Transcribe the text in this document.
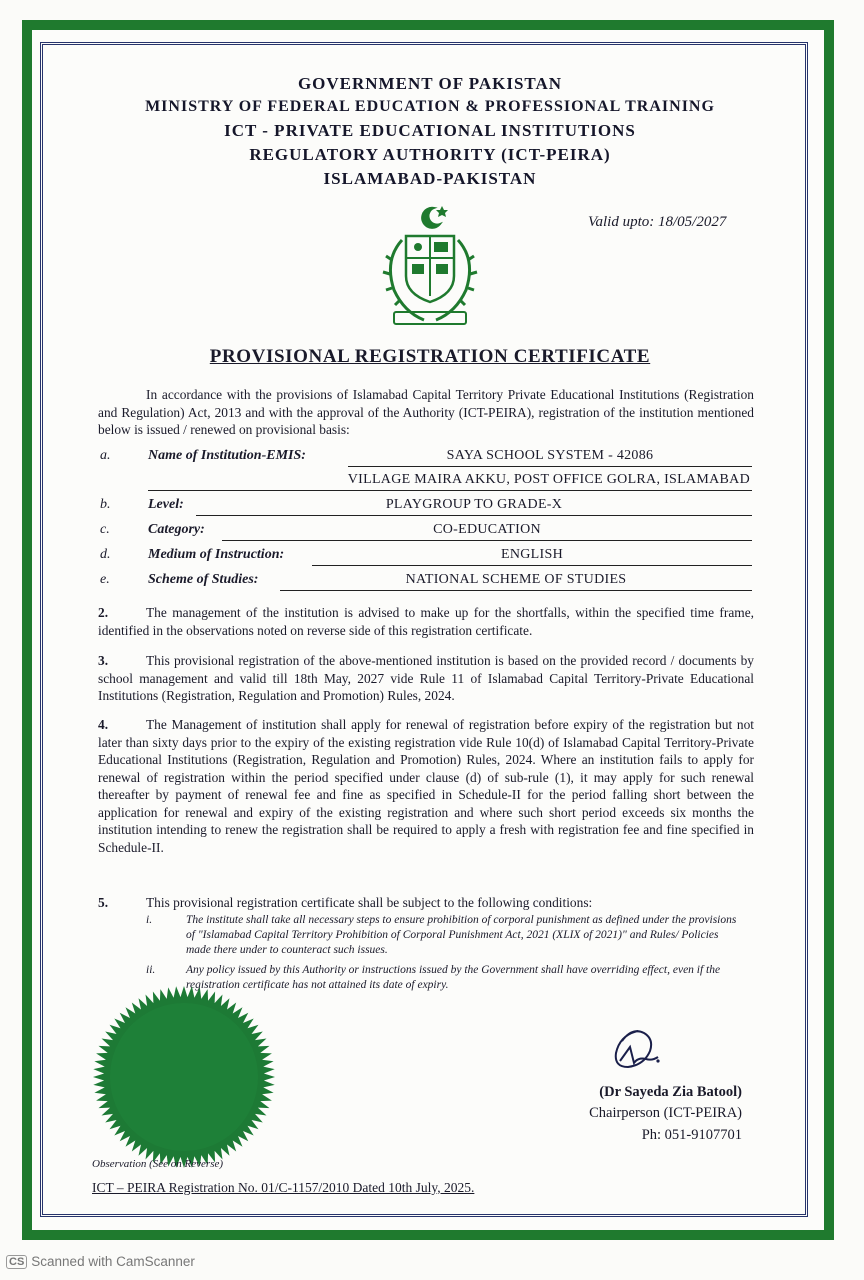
GOVERNMENT OF PAKISTAN
MINISTRY OF FEDERAL EDUCATION & PROFESSIONAL TRAINING
ICT - PRIVATE EDUCATIONAL INSTITUTIONS
REGULATORY AUTHORITY (ICT-PEIRA)
ISLAMABAD-PAKISTAN
Valid upto: 18/05/2027
PROVISIONAL REGISTRATION CERTIFICATE
In accordance with the provisions of Islamabad Capital Territory Private Educational Institutions (Registration and Regulation) Act, 2013 and with the approval of the Authority (ICT-PEIRA), registration of the institution mentioned below is issued / renewed on provisional basis:
a.	Name of Institution-EMIS:	SAYA SCHOOL SYSTEM - 42086
VILLAGE MAIRA AKKU, POST OFFICE GOLRA, ISLAMABAD
b.	Level:	PLAYGROUP TO GRADE-X
c.	Category:	CO-EDUCATION
d.	Medium of Instruction:	ENGLISH
e.	Scheme of Studies:	NATIONAL SCHEME OF STUDIES
2.	The management of the institution is advised to make up for the shortfalls, within the specified time frame, identified in the observations noted on reverse side of this registration certificate.
3.	This provisional registration of the above-mentioned institution is based on the provided record / documents by school management and valid till 18th May, 2027 vide Rule 11 of Islamabad Capital Territory-Private Educational Institutions (Registration, Regulation and Promotion) Rules, 2024.
4.	The Management of institution shall apply for renewal of registration before expiry of the registration but not later than sixty days prior to the expiry of the existing registration vide Rule 10(d) of Islamabad Capital Territory-Private Educational Institutions (Registration, Regulation and Promotion) Rules, 2024. Where an institution fails to apply for renewal of registration within the period specified under clause (d) of sub-rule (1), it may apply for such renewal thereafter by payment of renewal fee and fine as specified in Schedule-II for the period falling short between the application for renewal and expiry of the existing registration and where such short period exceeds six months the institution intending to renew the registration shall be required to apply a fresh with registration fee and fine specified in Schedule-II.
5.	This provisional registration certificate shall be subject to the following conditions:
i.	The institute shall take all necessary steps to ensure prohibition of corporal punishment as defined under the provisions of "Islamabad Capital Territory Prohibition of Corporal Punishment Act, 2021 (XLIX of 2021)" and Rules/ Policies made there under to counteract such issues.
ii.	Any policy issued by this Authority or instructions issued by the Government shall have overriding effect, even if the registration certificate has not attained its date of expiry.
(Dr Sayeda Zia Batool)
Chairperson (ICT-PEIRA)
Ph: 051-9107701
Observation (See on Reverse)
ICT – PEIRA Registration No. 01/C-1157/2010 Dated 10th July, 2025.
CS Scanned with CamScanner
